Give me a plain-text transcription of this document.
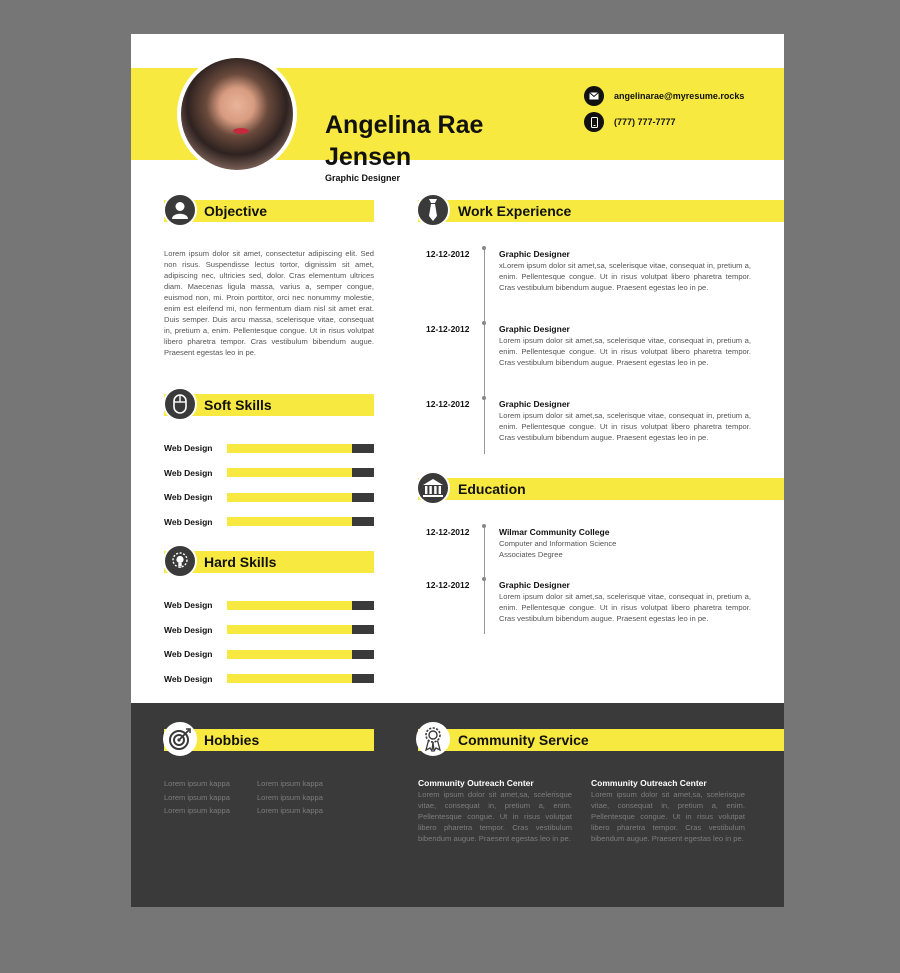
Angelina Rae
Jensen
Graphic Designer
angelinarae@myresume.rocks
(777) 777-7777
Objective
Lorem ipsum dolor sit amet, consectetur adipiscing elit. Sed non risus. Suspendisse lectus tortor, dignissim sit amet, adipiscing nec, ultricies sed, dolor. Cras elementum ultrices diam. Maecenas ligula massa, varius a, semper congue, euismod non, mi. Proin porttitor, orci nec nonummy molestie, enim est eleifend mi, non fermentum diam nisl sit amet erat. Duis semper. Duis arcu massa, scelerisque vitae, consequat in, pretium a, enim. Pellentesque congue. Ut in risus volutpat libero pharetra tempor. Cras vestibulum bibendum augue. Praesent egestas leo in pe.
Soft Skills
Web Design
Web Design
Web Design
Web Design
Hard Skills
Web Design
Web Design
Web Design
Web Design
Work Experience
12-12-2012	Graphic Designer
xLorem ipsum dolor sit amet,sa, scelerisque vitae, consequat in, pretium a, enim. Pellentesque congue. Ut in risus volutpat libero pharetra tempor. Cras vestibulum bibendum augue. Praesent egestas leo in pe.
12-12-2012	Graphic Designer
Lorem ipsum dolor sit amet,sa, scelerisque vitae, consequat in, pretium a, enim. Pellentesque congue. Ut in risus volutpat libero pharetra tempor. Cras vestibulum bibendum augue. Praesent egestas leo in pe.
12-12-2012	Graphic Designer
Lorem ipsum dolor sit amet,sa, scelerisque vitae, consequat in, pretium a, enim. Pellentesque congue. Ut in risus volutpat libero pharetra tempor. Cras vestibulum bibendum augue. Praesent egestas leo in pe.
Education
12-12-2012	Wilmar Community College
Computer and Information Science
Associates Degree
12-12-2012	Graphic Designer
Lorem ipsum dolor sit amet,sa, scelerisque vitae, consequat in, pretium a, enim. Pellentesque congue. Ut in risus volutpat libero pharetra tempor. Cras vestibulum bibendum augue. Praesent egestas leo in pe.
Hobbies
Lorem ipsum kappa
Lorem ipsum kappa
Lorem ipsum kappa
Lorem ipsum kappa
Lorem ipsum kappa
Lorem ipsum kappa
Community Service
Community Outreach Center
Lorem ipsum dolor sit amet,sa, scelerisque vitae, consequat in, pretium a, enim. Pellentesque congue. Ut in risus volutpat libero pharetra tempor. Cras vestibulum bibendum augue. Praesent egestas leo in pe.
Community Outreach Center
Lorem ipsum dolor sit amet,sa, scelerisque vitae, consequat in, pretium a, enim. Pellentesque congue. Ut in risus volutpat libero pharetra tempor. Cras vestibulum bibendum augue. Praesent egestas leo in pe.
